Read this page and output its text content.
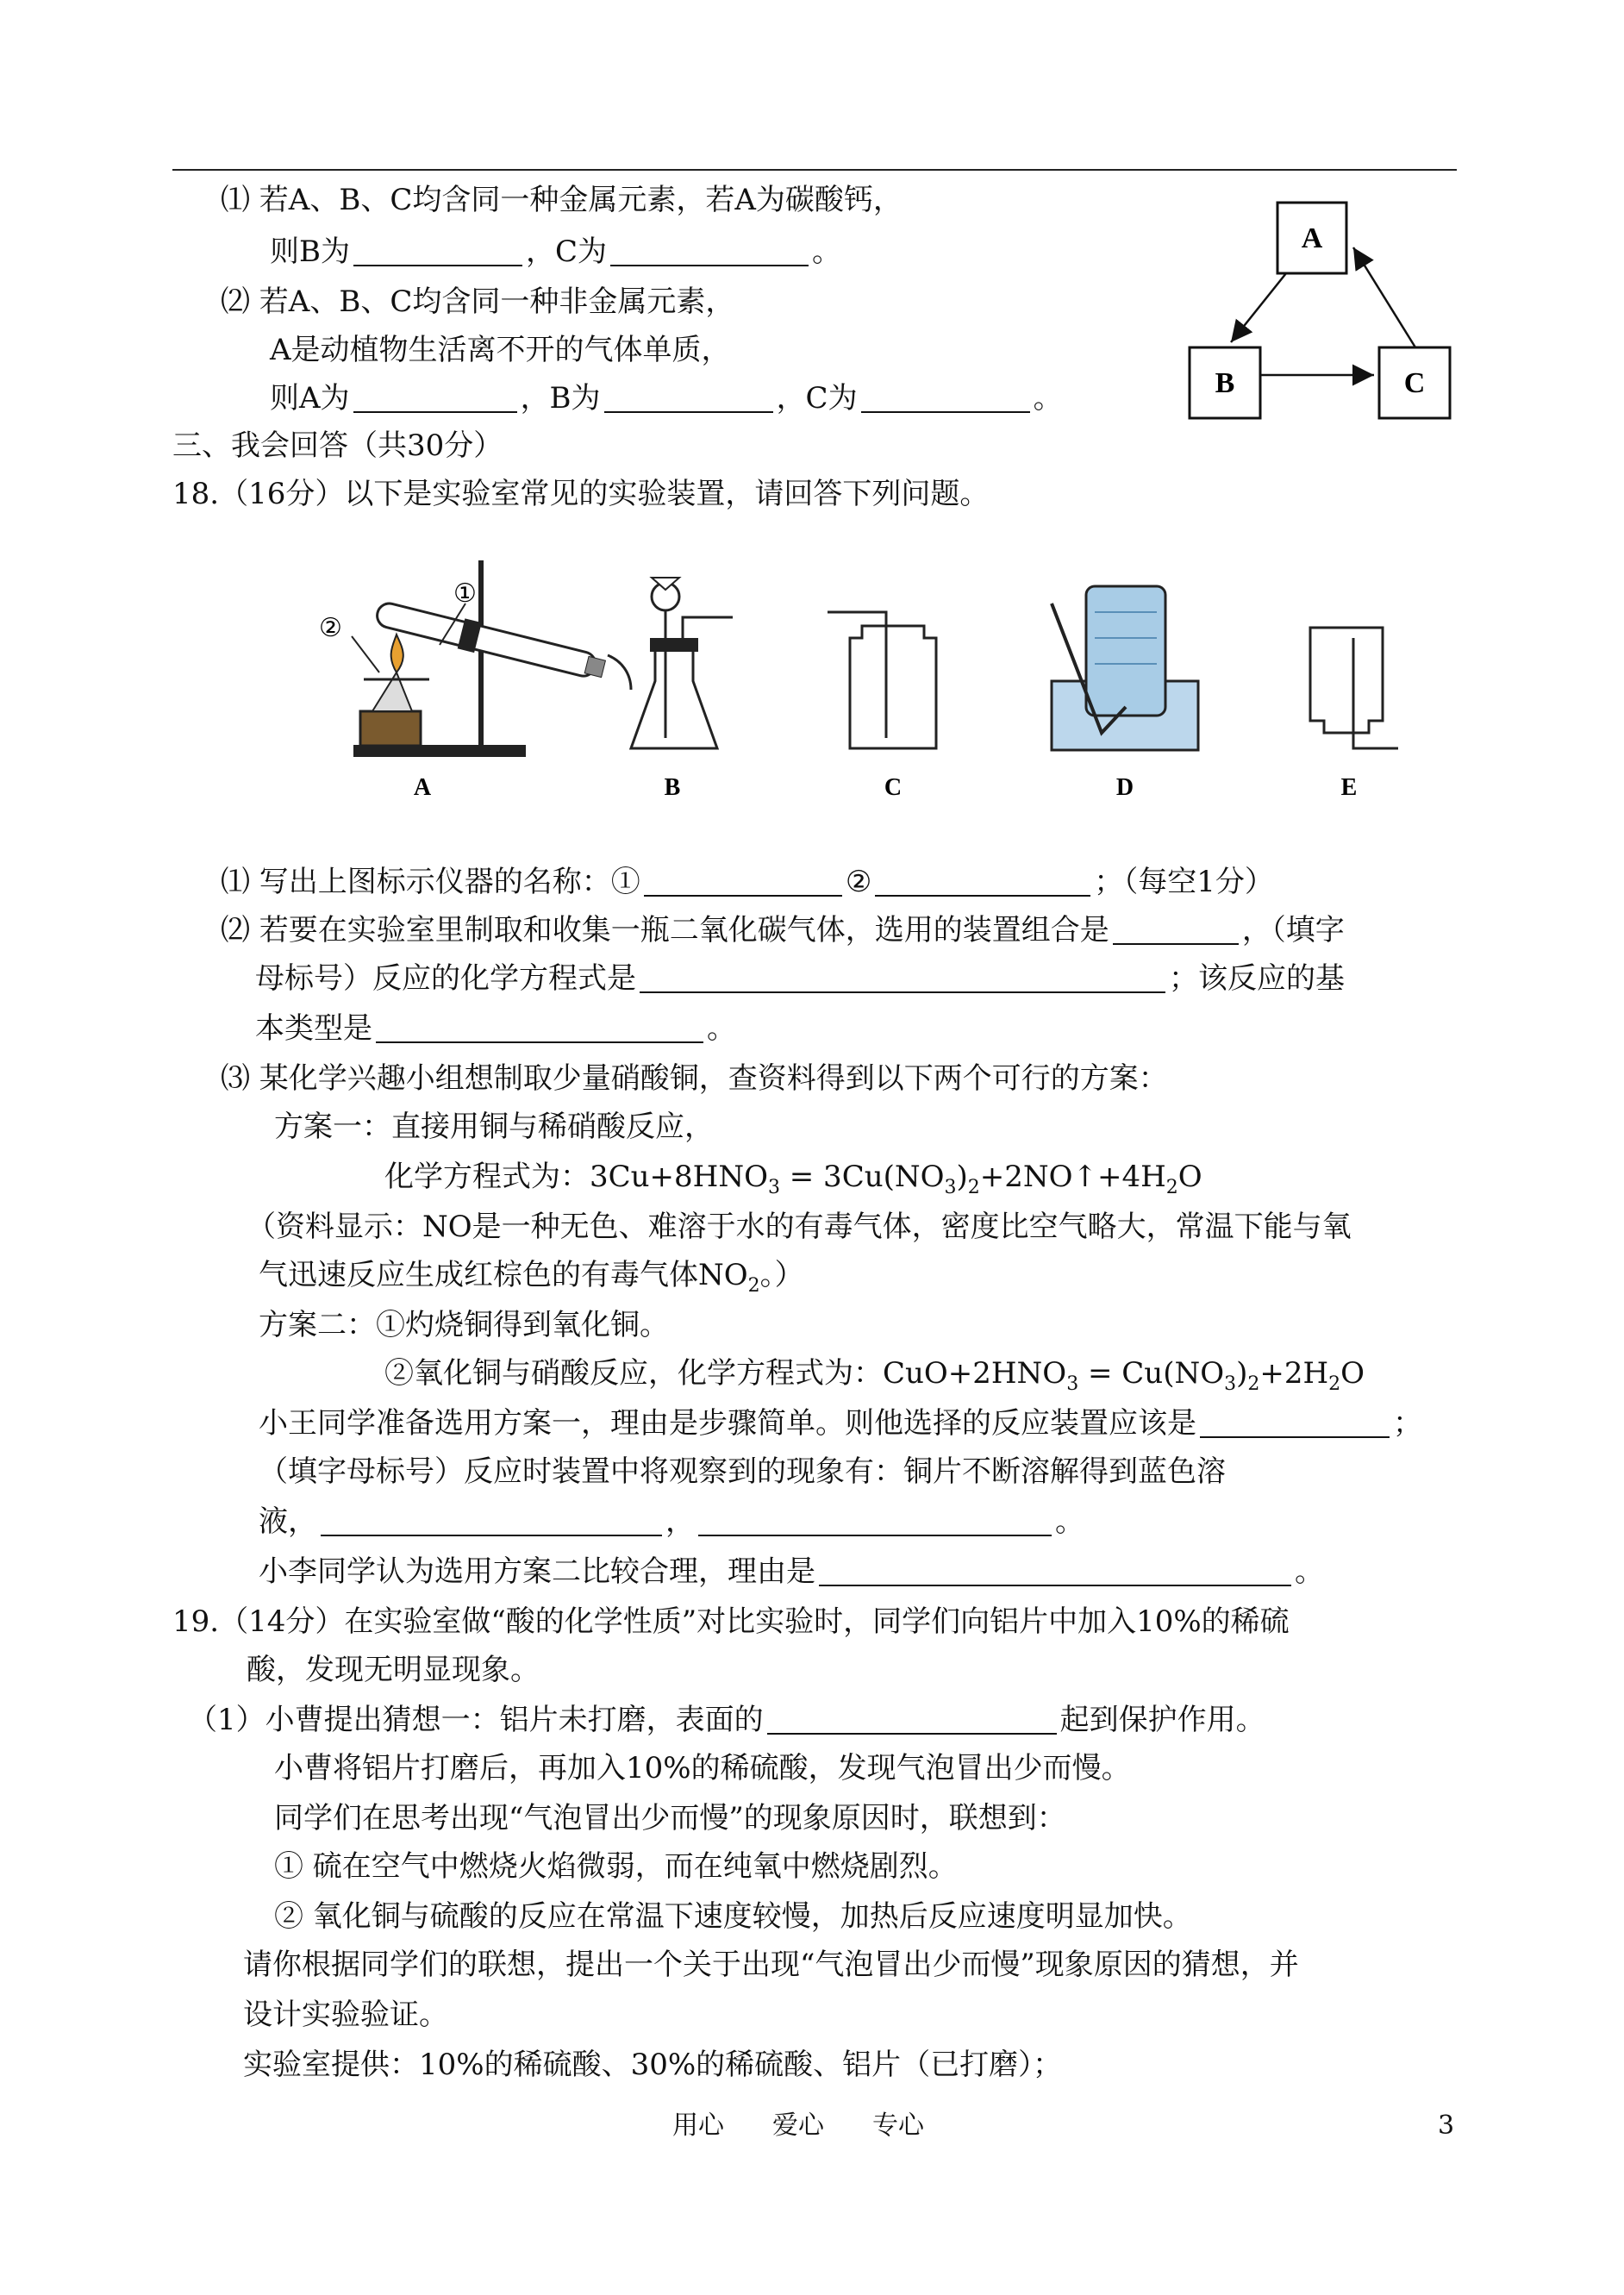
⑴ 若A、B、C均含同一种金属元素，若A为碳酸钙，
则B为	，C为	。
⑵ 若A、B、C均含同一种非金属元素，
A是动植物生活离不开的气体单质，
则A为	，B为	，C为	。
A
B	C
三、我会回答（共30分）
18.（16分）以下是实验室常见的实验装置，请回答下列问题。
①
②
A	B	C	D	E
⑴ 写出上图标示仪器的名称：①	②	；（每空1分）
⑵ 若要在实验室里制取和收集一瓶二氧化碳气体，选用的装置组合是	，（填字
母标号）反应的化学方程式是	；该反应的基
本类型是	。
⑶ 某化学兴趣小组想制取少量硝酸铜，查资料得到以下两个可行的方案：
方案一：直接用铜与稀硝酸反应，
化学方程式为：$3Cu+8HNO_3$ = $3Cu(NO_3)_2+2NO↑+4H_2O$
（资料显示：NO是一种无色、难溶于水的有毒气体，密度比空气略大，常温下能与氧
气迅速反应生成红棕色的有毒气体$NO_2$。）
方案二：①灼烧铜得到氧化铜。
②氧化铜与硝酸反应，化学方程式为：$CuO+2HNO_3 = Cu(NO_3)_2+2H_2O$
小王同学准备选用方案一，理由是步骤简单。则他选择的反应装置应该是	；
（填字母标号）反应时装置中将观察到的现象有：铜片不断溶解得到蓝色溶
液，	，	。
小李同学认为选用方案二比较合理，理由是	。
19.（14分）在实验室做“酸的化学性质”对比实验时，同学们向铝片中加入10%的稀硫
酸，发现无明显现象。
（1）小曹提出猜想一：铝片未打磨，表面的	起到保护作用。
小曹将铝片打磨后，再加入10%的稀硫酸，发现气泡冒出少而慢。
同学们在思考出现“气泡冒出少而慢”的现象原因时，联想到：
① 硫在空气中燃烧火焰微弱，而在纯氧中燃烧剧烈。
② 氧化铜与硫酸的反应在常温下速度较慢，加热后反应速度明显加快。
请你根据同学们的联想，提出一个关于出现“气泡冒出少而慢”现象原因的猜想，并
设计实验验证。
实验室提供：10%的稀硫酸、30%的稀硫酸、铝片（已打磨）；
用心 爱心 专心	3
